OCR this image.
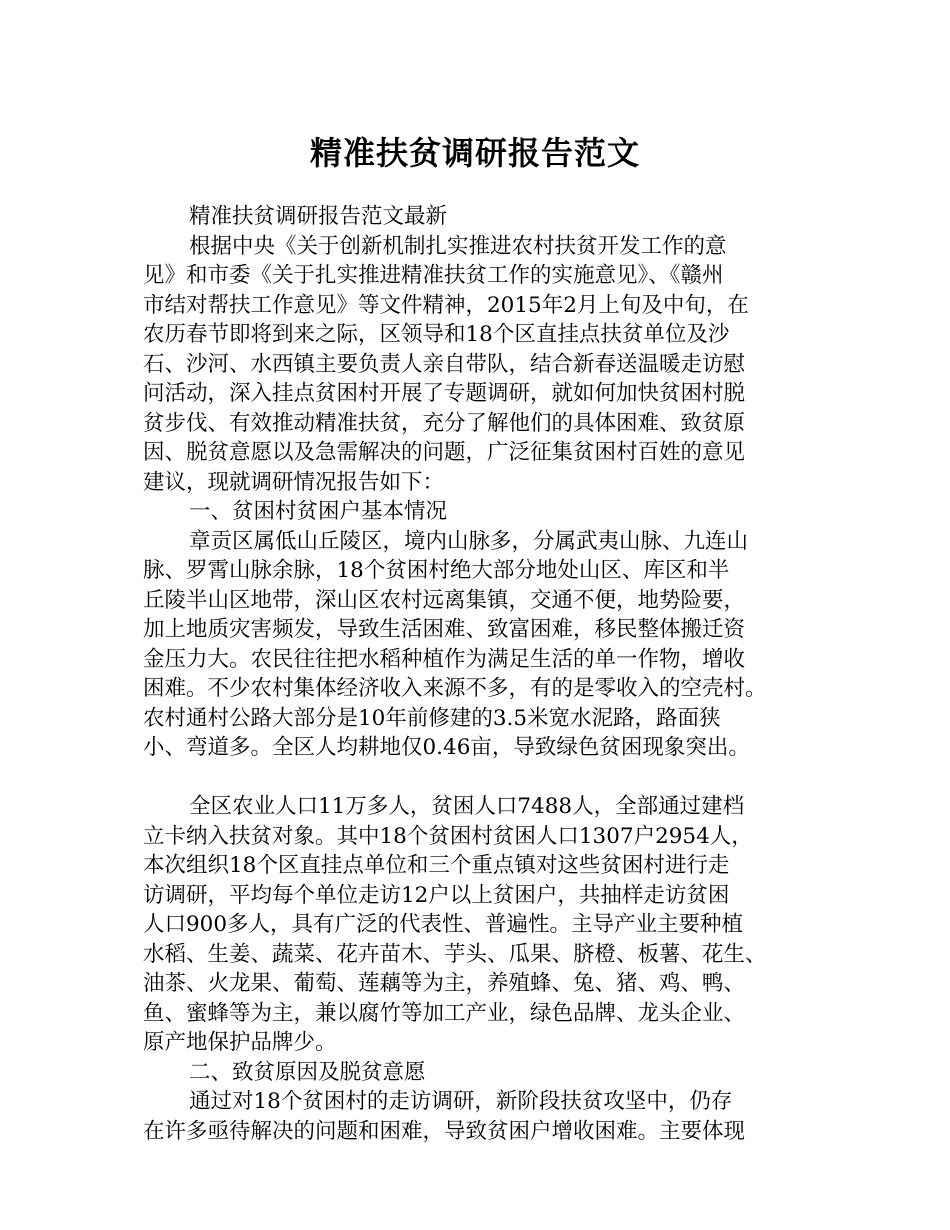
精准扶贫调研报告范文

精准扶贫调研报告范文最新

根据中央《关于创新机制扎实推进农村扶贫开发工作的意

见》和市委《关于扎实推进精准扶贫工作的实施意见》、《赣州

市结对帮扶工作意见》等文件精神，2015年2月上旬及中旬，在

农历春节即将到来之际，区领导和18个区直挂点扶贫单位及沙

石、沙河、水西镇主要负责人亲自带队，结合新春送温暖走访慰

问活动，深入挂点贫困村开展了专题调研，就如何加快贫困村脱

贫步伐、有效推动精准扶贫，充分了解他们的具体困难、致贫原

因、脱贫意愿以及急需解决的问题，广泛征集贫困村百姓的意见

建议，现就调研情况报告如下：

一、贫困村贫困户基本情况

章贡区属低山丘陵区，境内山脉多，分属武夷山脉、九连山

脉、罗霄山脉余脉，18个贫困村绝大部分地处山区、库区和半

丘陵半山区地带，深山区农村远离集镇，交通不便，地势险要，

加上地质灾害频发，导致生活困难、致富困难，移民整体搬迁资

金压力大。农民往往把水稻种植作为满足生活的单一作物，增收

困难。不少农村集体经济收入来源不多，有的是零收入的空壳村。

农村通村公路大部分是10年前修建的3.5米宽水泥路，路面狭

小、弯道多。全区人均耕地仅0.46亩，导致绿色贫困现象突出。

全区农业人口11万多人，贫困人口7488人，全部通过建档

立卡纳入扶贫对象。其中18个贫困村贫困人口1307户2954人，

本次组织18个区直挂点单位和三个重点镇对这些贫困村进行走

访调研，平均每个单位走访12户以上贫困户，共抽样走访贫困

人口900多人，具有广泛的代表性、普遍性。主导产业主要种植

水稻、生姜、蔬菜、花卉苗木、芋头、瓜果、脐橙、板薯、花生、

油茶、火龙果、葡萄、莲藕等为主，养殖蜂、兔、猪、鸡、鸭、

鱼、蜜蜂等为主，兼以腐竹等加工产业，绿色品牌、龙头企业、

原产地保护品牌少。

二、致贫原因及脱贫意愿

通过对18个贫困村的走访调研，新阶段扶贫攻坚中，仍存

在许多亟待解决的问题和困难，导致贫困户增收困难。主要体现
